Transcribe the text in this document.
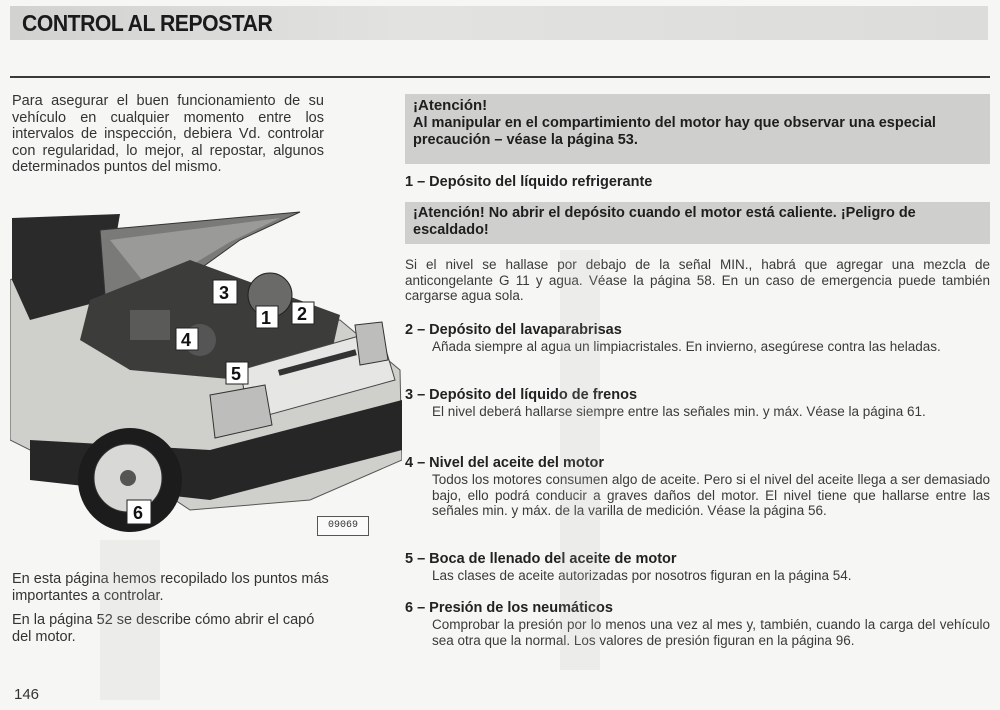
CONTROL AL REPOSTAR
Para asegurar el buen funcionamiento de su vehículo en cualquier momento entre los intervalos de inspección, debiera Vd. controlar con regularidad, lo mejor, al repostar, algunos determinados puntos del mismo.
3
1 2
4
5
6
09069
En esta página hemos recopilado los puntos más importantes a controlar.
En la página 52 se describe cómo abrir el capó del motor.
146
¡Atención!
Al manipular en el compartimiento del motor hay que observar una especial precaución – véase la página 53.
1 – Depósito del líquido refrigerante
¡Atención! No abrir el depósito cuando el motor está caliente. ¡Peligro de escaldado!
Si el nivel se hallase por debajo de la señal MIN., habrá que agregar una mezcla de anticongelante G 11 y agua. Véase la página 58. En un caso de emergencia puede también cargarse agua sola.
2 – Depósito del lavaparabrisas
Añada siempre al agua un limpiacristales. En invierno, asegúrese contra las heladas.
3 – Depósito del líquido de frenos
El nivel deberá hallarse siempre entre las señales min. y máx. Véase la página 61.
4 – Nivel del aceite del motor
Todos los motores consumen algo de aceite. Pero si el nivel del aceite llega a ser demasiado bajo, ello podrá conducir a graves daños del motor. El nivel tiene que hallarse entre las señales min. y máx. de la varilla de medición. Véase la página 56.
5 – Boca de llenado del aceite de motor
Las clases de aceite autorizadas por nosotros figuran en la página 54.
6 – Presión de los neumáticos
Comprobar la presión por lo menos una vez al mes y, también, cuando la carga del vehículo sea otra que la normal. Los valores de presión figuran en la página 96.
